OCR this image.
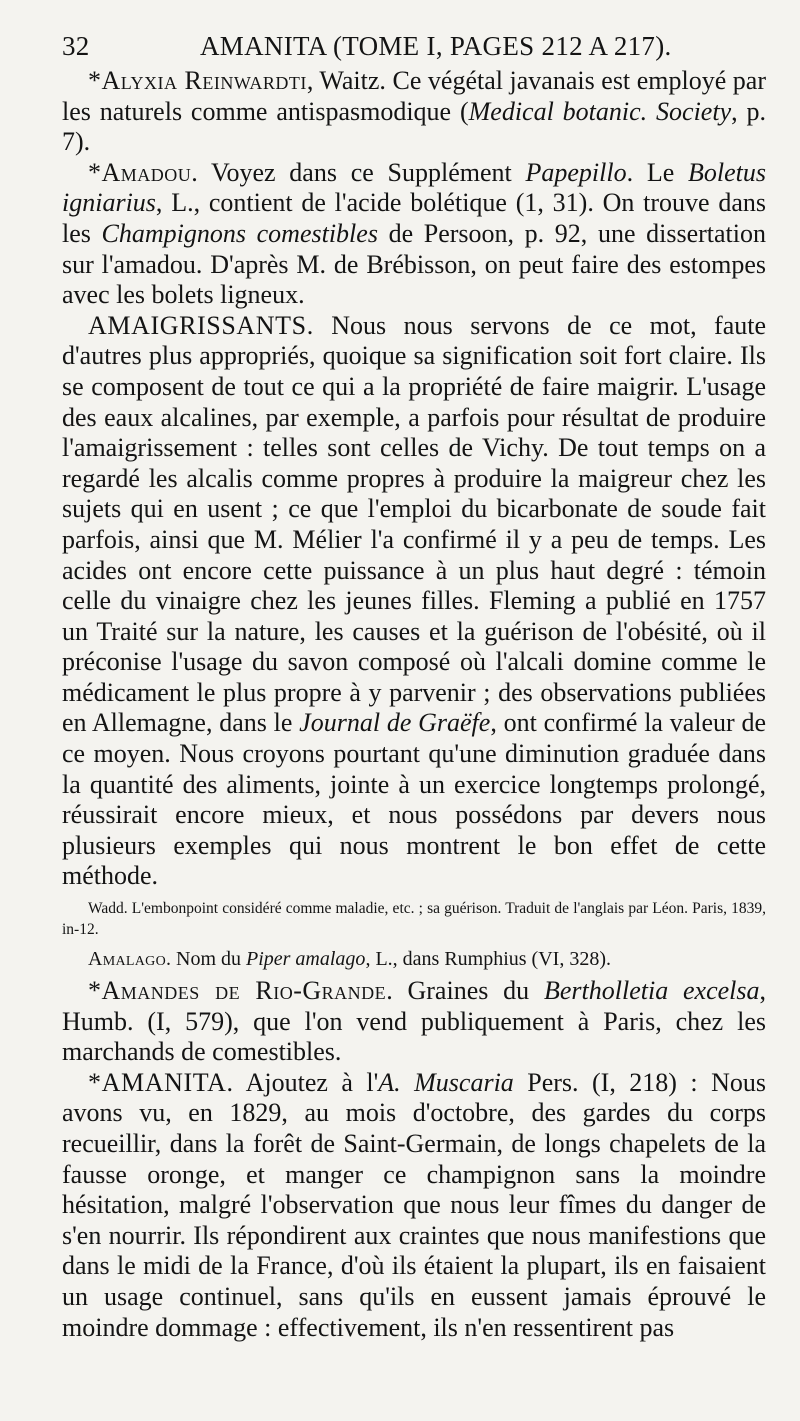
32	AMANITA (TOME I, PAGES 212 A 217).

*Alyxia Reinwardti, Waitz. Ce végétal javanais est employé par les naturels comme antispasmodique (Medical botanic. Society, p. 7).

*Amadou. Voyez dans ce Supplément Papepillo. Le Boletus igniarius, L., contient de l'acide bolétique (1, 31). On trouve dans les Champignons comestibles de Persoon, p. 92, une dissertation sur l'amadou. D'après M. de Brébisson, on peut faire des estompes avec les bolets ligneux.

AMAIGRISSANTS. Nous nous servons de ce mot, faute d'autres plus appropriés, quoique sa signification soit fort claire. Ils se composent de tout ce qui a la propriété de faire maigrir. L'usage des eaux alcalines, par exemple, a parfois pour résultat de produire l'amaigrissement : telles sont celles de Vichy. De tout temps on a regardé les alcalis comme propres à produire la maigreur chez les sujets qui en usent ; ce que l'emploi du bicarbonate de soude fait parfois, ainsi que M. Mélier l'a confirmé il y a peu de temps. Les acides ont encore cette puissance à un plus haut degré : témoin celle du vinaigre chez les jeunes filles. Fleming a publié en 1757 un Traité sur la nature, les causes et la guérison de l'obésité, où il préconise l'usage du savon composé où l'alcali domine comme le médicament le plus propre à y parvenir ; des observations publiées en Allemagne, dans le Journal de Graëfe, ont confirmé la valeur de ce moyen. Nous croyons pourtant qu'une diminution graduée dans la quantité des aliments, jointe à un exercice longtemps prolongé, réussirait encore mieux, et nous possédons par devers nous plusieurs exemples qui nous montrent le bon effet de cette méthode.

Wadd. L'embonpoint considéré comme maladie, etc. ; sa guérison. Traduit de l'anglais par Léon. Paris, 1839, in-12.

Amalago. Nom du Piper amalago, L., dans Rumphius (VI, 328).

*Amandes de Rio-Grande. Graines du Bertholletia excelsa, Humb. (I, 579), que l'on vend publiquement à Paris, chez les marchands de comestibles.

*AMANITA. Ajoutez à l'A. Muscaria Pers. (I, 218) : Nous avons vu, en 1829, au mois d'octobre, des gardes du corps recueillir, dans la forêt de Saint-Germain, de longs chapelets de la fausse oronge, et manger ce champignon sans la moindre hésitation, malgré l'observation que nous leur fîmes du danger de s'en nourrir. Ils répondirent aux craintes que nous manifestions que dans le midi de la France, d'où ils étaient la plupart, ils en faisaient un usage continuel, sans qu'ils en eussent jamais éprouvé le moindre dommage : effectivement, ils n'en ressentirent pas
